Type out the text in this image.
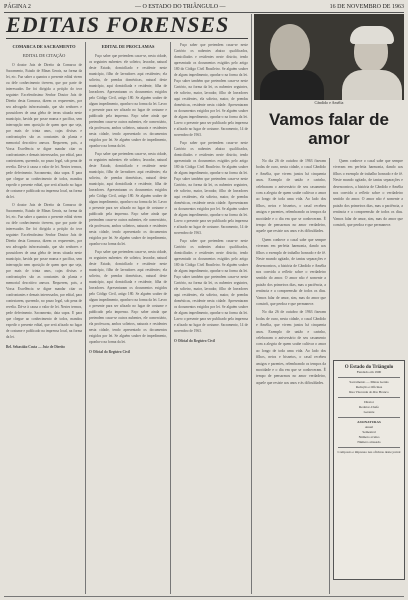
PÁGINA 2	— O ESTADO DO TRIÂNGULO —	16 DE NOVEMBRO DE 1963
EDITAIS FORENSES
COMARCA DE SACRAMENTO
EDITAL DE CITAÇÃO

O doutor Juiz de Direito da Comarca de Sacramento, Estado de Minas Gerais, na forma da lei, etc. Faz saber a quantos o presente edital virem ou dele conhecimento tiverem, que por parte de interessados lhe foi dirigida a petição do teor seguinte: Excelentíssimo Senhor Doutor Juiz de Direito desta Comarca, dizem os requerentes, por seu advogado infra-assinado, que são senhores e possuidores de uma gleba de terras situada neste município, havida por posse mansa e pacífica, sem interrupção nem oposição de quem quer que seja, por mais de trinta anos, cujas divisas e confrontações são as constantes da planta e memorial descritivo anexos. Requerem, pois, a Vossa Excelência se digne mandar citar os confrontantes e demais interessados, por edital, para contestarem, querendo, no prazo legal, sob pena de revelia. Dá-se à causa o valor de lei. Nestes termos, pede deferimento. Sacramento, data supra. E para que chegue ao conhecimento de todos, mandou expedir o presente edital, que será afixado no lugar de costume e publicado na imprensa local, na forma da lei.

O doutor Juiz de Direito da Comarca de Sacramento, Estado de Minas Gerais, na forma da lei, etc. Faz saber a quantos o presente edital virem ou dele conhecimento tiverem, que por parte de interessados lhe foi dirigida a petição do teor seguinte: Excelentíssimo Senhor Doutor Juiz de Direito desta Comarca, dizem os requerentes, por seu advogado infra-assinado, que são senhores e possuidores de uma gleba de terras situada neste município, havida por posse mansa e pacífica, sem interrupção nem oposição de quem quer que seja, por mais de trinta anos, cujas divisas e confrontações são as constantes da planta e memorial descritivo anexos. Requerem, pois, a Vossa Excelência se digne mandar citar os confrontantes e demais interessados, por edital, para contestarem, querendo, no prazo legal, sob pena de revelia. Dá-se à causa o valor de lei. Nestes termos, pede deferimento. Sacramento, data supra. E para que chegue ao conhecimento de todos, mandou expedir o presente edital, que será afixado no lugar de costume e publicado na imprensa local, na forma da lei.

Bel. Sebastião Costa — Juiz de Direito
EDITAL DE PROCLAMAS

Faço saber que pretendem casar-se, nesta cidade, os seguintes nubentes: ele solteiro, lavrador, natural deste Estado, domiciliado e residente neste município, filho de lavradores aqui residentes; ela solteira, de prendas domésticas, natural deste município, aqui domiciliada e residente, filha de lavradores. Apresentaram os documentos exigidos pelo Código Civil, artigo 180. Se alguém souber de algum impedimento, oponha-o na forma da lei. Lavro o presente para ser afixado no lugar de costume e publicado pela imprensa. Faço saber ainda que pretendem casar-se outros nubentes, ele comerciário, ela professora, ambos solteiros, naturais e residentes nesta cidade, tendo apresentado os documentos exigidos por lei. Se alguém souber de impedimento, oponha-o na forma da lei.

Faço saber que pretendem casar-se, nesta cidade, os seguintes nubentes: ele solteiro, lavrador, natural deste Estado, domiciliado e residente neste município, filho de lavradores aqui residentes; ela solteira, de prendas domésticas, natural deste município, aqui domiciliada e residente, filha de lavradores. Apresentaram os documentos exigidos pelo Código Civil, artigo 180. Se alguém souber de algum impedimento, oponha-o na forma da lei. Lavro o presente para ser afixado no lugar de costume e publicado pela imprensa. Faço saber ainda que pretendem casar-se outros nubentes, ele comerciário, ela professora, ambos solteiros, naturais e residentes nesta cidade, tendo apresentado os documentos exigidos por lei. Se alguém souber de impedimento, oponha-o na forma da lei.

Faço saber que pretendem casar-se, nesta cidade, os seguintes nubentes: ele solteiro, lavrador, natural deste Estado, domiciliado e residente neste município, filho de lavradores aqui residentes; ela solteira, de prendas domésticas, natural deste município, aqui domiciliada e residente, filha de lavradores. Apresentaram os documentos exigidos pelo Código Civil, artigo 180. Se alguém souber de algum impedimento, oponha-o na forma da lei. Lavro o presente para ser afixado no lugar de costume e publicado pela imprensa. Faço saber ainda que pretendem casar-se outros nubentes, ele comerciário, ela professora, ambos solteiros, naturais e residentes nesta cidade, tendo apresentado os documentos exigidos por lei. Se alguém souber de impedimento, oponha-o na forma da lei.

O Oficial do Registro Civil

Faço saber que pretendem casar-se neste Cartório os nubentes abaixo qualificados, domiciliados e residentes neste distrito, tendo apresentado os documentos exigidos pelo artigo 180 do Código Civil Brasileiro. Se alguém souber de algum impedimento, oponha-o na forma da lei. Faço saber também que pretendem casar-se neste Cartório, na forma da lei, os nubentes seguintes, ele solteiro, maior, lavrador, filho de lavradores aqui residentes, ela solteira, maior, de prendas domésticas, residente nesta cidade. Apresentaram os documentos exigidos por lei. Se alguém souber de algum impedimento, oponha-o na forma da lei. Lavro o presente para ser publicado pela imprensa e afixado no lugar de costume. Sacramento, 14 de novembro de 1963.

Faço saber que pretendem casar-se neste Cartório os nubentes abaixo qualificados, domiciliados e residentes neste distrito, tendo apresentado os documentos exigidos pelo artigo 180 do Código Civil Brasileiro. Se alguém souber de algum impedimento, oponha-o na forma da lei. Faço saber também que pretendem casar-se neste Cartório, na forma da lei, os nubentes seguintes, ele solteiro, maior, lavrador, filho de lavradores aqui residentes, ela solteira, maior, de prendas domésticas, residente nesta cidade. Apresentaram os documentos exigidos por lei. Se alguém souber de algum impedimento, oponha-o na forma da lei. Lavro o presente para ser publicado pela imprensa e afixado no lugar de costume. Sacramento, 14 de novembro de 1963.

Faço saber que pretendem casar-se neste Cartório os nubentes abaixo qualificados, domiciliados e residentes neste distrito, tendo apresentado os documentos exigidos pelo artigo 180 do Código Civil Brasileiro. Se alguém souber de algum impedimento, oponha-o na forma da lei. Faço saber também que pretendem casar-se neste Cartório, na forma da lei, os nubentes seguintes, ele solteiro, maior, lavrador, filho de lavradores aqui residentes, ela solteira, maior, de prendas domésticas, residente nesta cidade. Apresentaram os documentos exigidos por lei. Se alguém souber de algum impedimento, oponha-o na forma da lei. Lavro o presente para ser publicado pela imprensa e afixado no lugar de costume. Sacramento, 14 de novembro de 1963.

O Oficial do Registro Civil
Cândido e Amélia
Vamos falar de amor

No dia 26 de outubro de 1963 fizeram bodas de ouro, nesta cidade, o casal Cândido e Amélia, que vivem juntos há cinquenta anos. Exemplo de união e carinho, celebraram o aniversário de seu casamento com a alegria de quem soube cultivar o amor ao longo de toda uma vida. Ao lado dos filhos, netos e bisnetos, o casal recebeu amigos e parentes, relembrando os tempos da mocidade e o dia em que se conheceram. É tempo de pensarmos no amor verdadeiro, aquele que resiste aos anos e às dificuldades.

Quem conhece o casal sabe que sempre viveram em perfeita harmonia, dando aos filhos o exemplo de trabalho honrado e de fé. Neste mundo agitado, de tantas separações e desencontros, a história de Cândido e Amélia nos convida a refletir sobre o verdadeiro sentido do amor. O amor não é somente a paixão dos primeiros dias, mas a paciência, a renúncia e a compreensão de todos os dias. Vamos falar de amor, sim, mas do amor que constrói, que perdoa e que permanece.

No dia 26 de outubro de 1963 fizeram bodas de ouro, nesta cidade, o casal Cândido e Amélia, que vivem juntos há cinquenta anos. Exemplo de união e carinho, celebraram o aniversário de seu casamento com a alegria de quem soube cultivar o amor ao longo de toda uma vida. Ao lado dos filhos, netos e bisnetos, o casal recebeu amigos e parentes, relembrando os tempos da mocidade e o dia em que se conheceram. É tempo de pensarmos no amor verdadeiro, aquele que resiste aos anos e às dificuldades.

Quem conhece o casal sabe que sempre viveram em perfeita harmonia, dando aos filhos o exemplo de trabalho honrado e de fé. Neste mundo agitado, de tantas separações e desencontros, a história de Cândido e Amélia nos convida a refletir sobre o verdadeiro sentido do amor. O amor não é somente a paixão dos primeiros dias, mas a paciência, a renúncia e a compreensão de todos os dias. Vamos falar de amor, sim, mas do amor que constrói, que perdoa e que permanece.

O Estado do Triângulo
Fundado em 1900
Sacramento — Minas Gerais
Redação e Oficinas
Rua Visconde do Rio Branco
Diretor
Redator-Chefe
Gerente
ASSINATURAS
Anual
Semestral
Número avulso
Número atrasado
Composto e impresso nas oficinas deste jornal
